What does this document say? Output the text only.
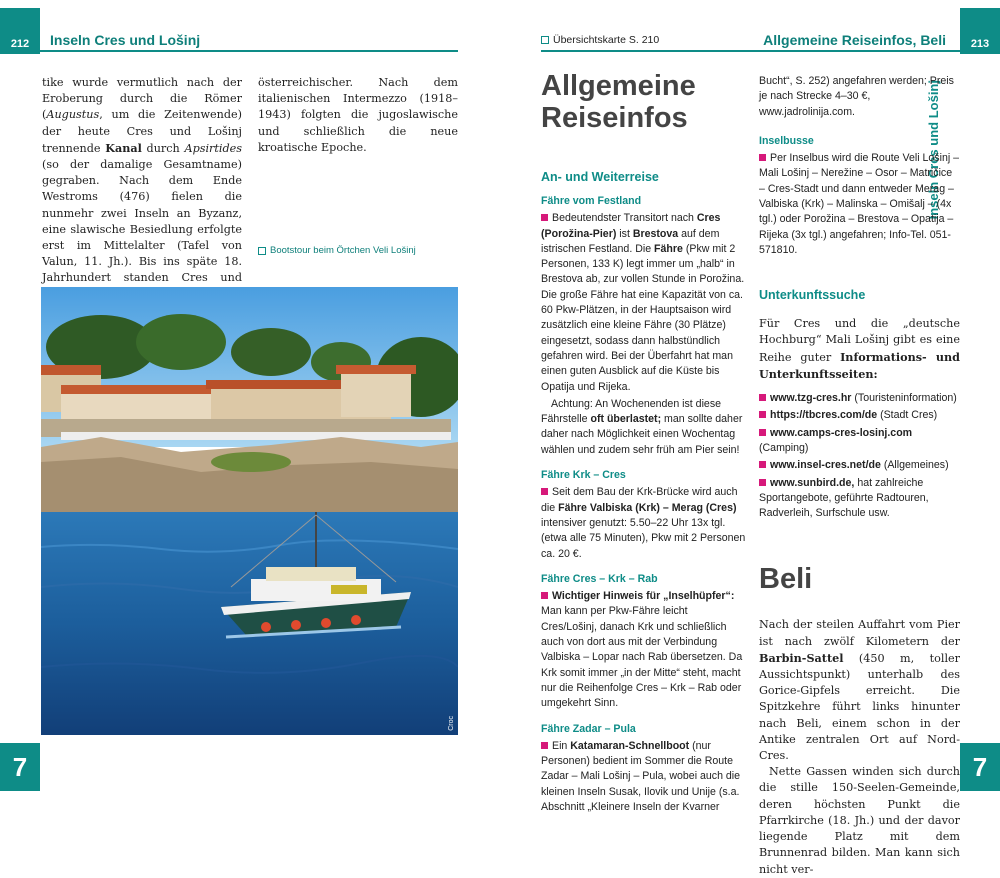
212 Inseln Cres und Lošinj

tike wurde vermutlich nach der Eroberung durch die Römer (Augustus, um die Zeitenwende) der heute Cres und Lošinj trennende Kanal durch Apsirtides (so der damalige Gesamtname) gegraben. Nach dem Ende Westroms (476) fielen die nunmehr zwei Inseln an Byzanz, eine slawische Besiedlung erfolgte erst im Mittelalter (Tafel von Valun, 11. Jh.). Bis ins späte 18. Jahrhundert standen Cres und

österreichischer. Nach dem italienischen Intermezzo (1918–1943) folgten die jugoslawische und schließlich die neue kroatische Epoche.
Bootstour beim Örtchen Veli Lošinj
Croc
7
Übersichtskarte S. 210	Allgemeine Reiseinfos, Beli 213
Inseln Cres und Lošinj
Allgemeine
Reiseinfos
An- und Weiterreise
Fähre vom Festland

Bedeutendster Transitort nach Cres (Porožina-Pier) ist Brestova auf dem istrischen Festland. Die Fähre (Pkw mit 2 Personen, 133 K) legt immer um „halb“ in Brestova ab, zur vollen Stunde in Porožina. Die große Fähre hat eine Kapazität von ca. 60 Pkw-Plätzen, in der Hauptsaison wird zusätzlich eine kleine Fähre (30 Plätze) eingesetzt, sodass dann halbstündlich gefahren wird. Bei der Überfahrt hat man einen guten Ausblick auf die Küste bis Opatija und Rijeka.

Achtung: An Wochenenden ist diese Fährstelle oft überlastet; man sollte daher daher nach Möglichkeit einen Wochentag wählen und zudem sehr früh am Pier sein!

Fähre Krk – Cres

Seit dem Bau der Krk-Brücke wird auch die Fähre Valbiska (Krk) – Merag (Cres) intensiver genutzt: 5.50–22 Uhr 13x tgl. (etwa alle 75 Minuten), Pkw mit 2 Personen ca. 20 €.

Fähre Cres – Krk – Rab

Wichtiger Hinweis für „Inselhüpfer“: Man kann per Pkw-Fähre leicht Cres/Lošinj, danach Krk und schließlich auch von dort aus mit der Verbindung Valbiska – Lopar nach Rab übersetzen. Da Krk somit immer „in der Mitte“ steht, macht nur die Reihenfolge Cres – Krk – Rab oder umgekehrt Sinn.

Fähre Zadar – Pula

Ein Katamaran-Schnellboot (nur Personen) bedient im Sommer die Route Zadar – Mali Lošinj – Pula, wobei auch die kleinen Inseln Susak, Ilovik und Unije (s.a. Abschnitt „Kleinere Inseln der Kvarner

Bucht“, S. 252) angefahren werden; Preis je nach Strecke 4–30 €, www.jadrolinija.com.

Inselbusse

Per Inselbus wird die Route Veli Lošinj – Mali Lošinj – Nerežine – Osor – Matričice – Cres-Stadt und dann entweder Merag – Valbiska (Krk) – Malinska – Omišalj – (4x tgl.) oder Porožina – Brestova – Opatija – Rijeka (3x tgl.) angefahren; Info-Tel. 051-571810.

Unterkunftssuche

Für Cres und die „deutsche Hochburg“ Mali Lošinj gibt es eine Reihe guter Informations- und Unterkunftsseiten:

www.tzg-cres.hr (Touristeninformation)

https://tbcres.com/de (Stadt Cres)

www.camps-cres-losinj.com (Camping)

www.insel-cres.net/de (Allgemeines)

www.sunbird.de, hat zahlreiche Sportangebote, geführte Radtouren, Radverleih, Surfschule usw.

Beli

Nach der steilen Auffahrt vom Pier ist nach zwölf Kilometern der Barbin-Sattel (450 m, toller Aussichtspunkt) unterhalb des Gorice-Gipfels erreicht. Die Spitzkehre führt links hinunter nach Beli, einem schon in der Antike zentralen Ort auf Nord-Cres.

Nette Gassen winden sich durch die stille 150-Seelen-Gemeinde, deren höchsten Punkt die Pfarrkirche (18. Jh.) und der davor liegende Platz mit dem Brunnenrad bilden. Man kann sich nicht ver-

7
